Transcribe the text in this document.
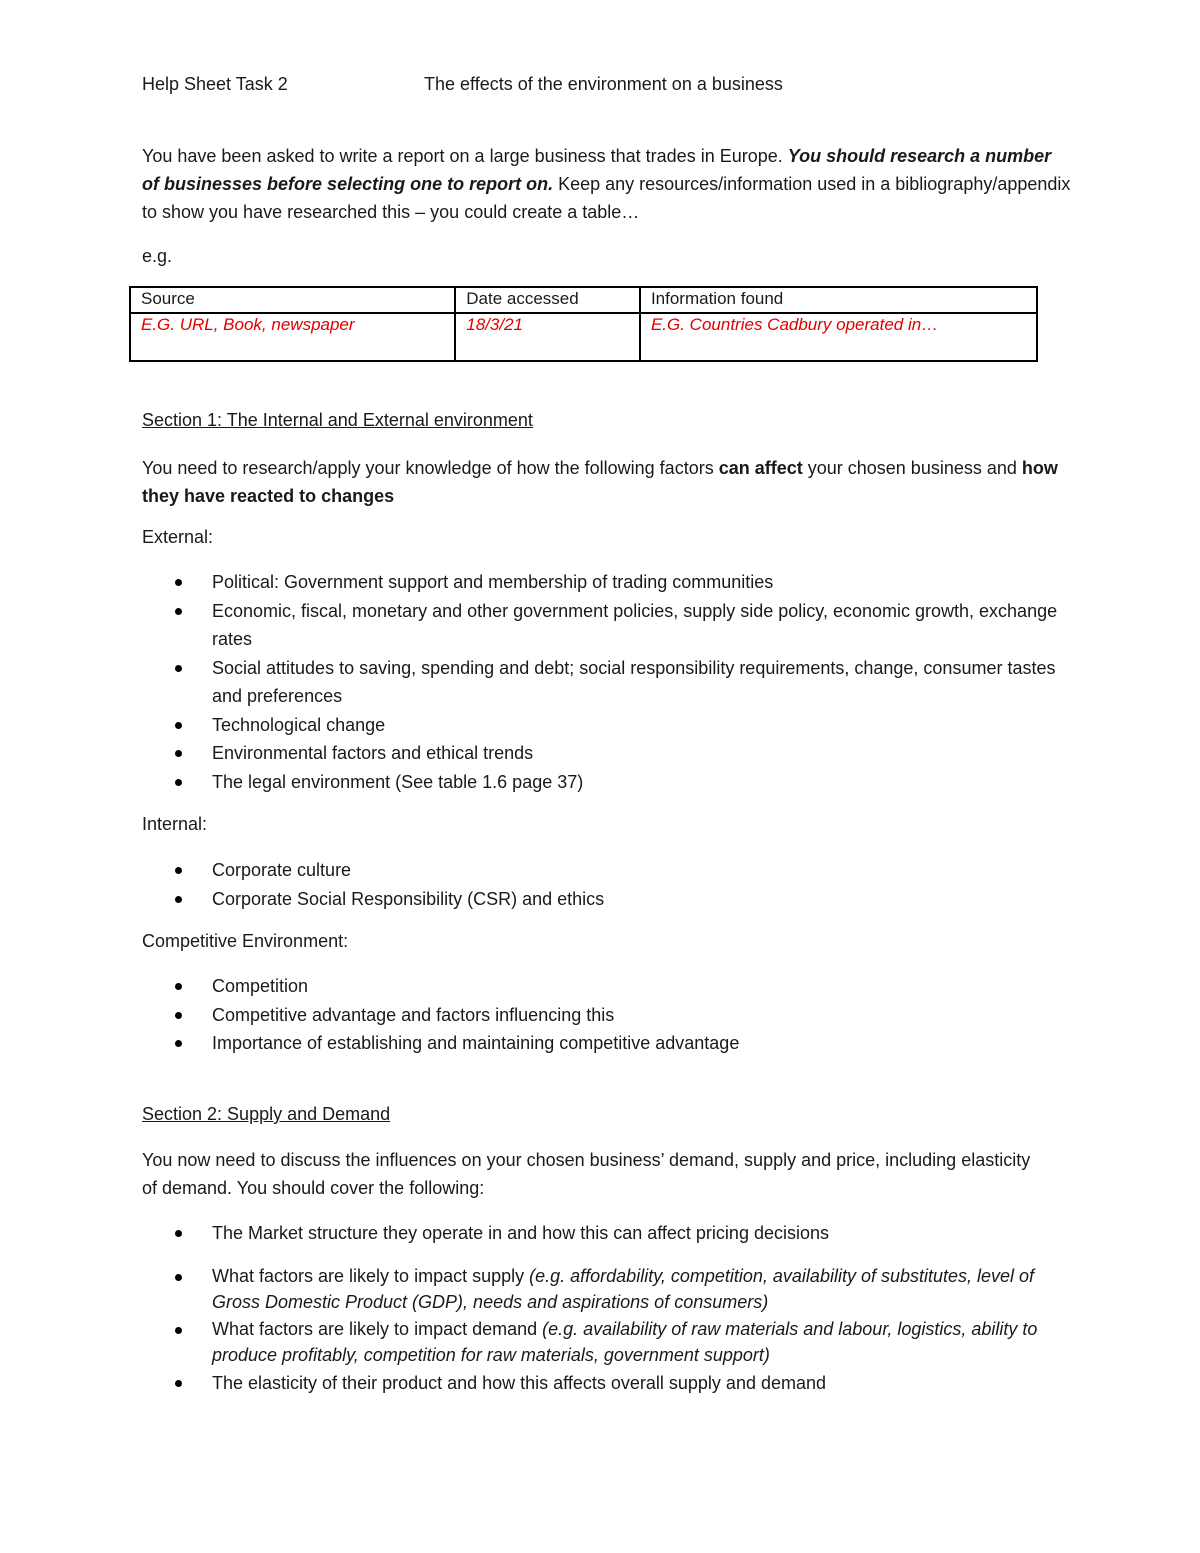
Help Sheet Task 2	The effects of the environment on a business
You have been asked to write a report on a large business that trades in Europe. You should research a number of businesses before selecting one to report on. Keep any resources/information used in a bibliography/appendix to show you have researched this – you could create a table…
e.g.
Source	Date accessed	Information found
E.G. URL, Book, newspaper	18/3/21	E.G. Countries Cadbury operated in…
Section 1: The Internal and External environment
You need to research/apply your knowledge of how the following factors can affect your chosen business and how they have reacted to changes
External:
Political: Government support and membership of trading communities
Economic, fiscal, monetary and other government policies, supply side policy, economic growth, exchange rates
Social attitudes to saving, spending and debt; social responsibility requirements, change, consumer tastes and preferences
Technological change
Environmental factors and ethical trends
The legal environment (See table 1.6 page 37)
Internal:
Corporate culture
Corporate Social Responsibility (CSR) and ethics
Competitive Environment:
Competition
Competitive advantage and factors influencing this
Importance of establishing and maintaining competitive advantage
Section 2: Supply and Demand
You now need to discuss the influences on your chosen business’ demand, supply and price, including elasticity of demand. You should cover the following:
The Market structure they operate in and how this can affect pricing decisions
What factors are likely to impact supply (e.g. affordability, competition, availability of substitutes, level of Gross Domestic Product (GDP), needs and aspirations of consumers)
What factors are likely to impact demand (e.g. availability of raw materials and labour, logistics, ability to produce profitably, competition for raw materials, government support)
The elasticity of their product and how this affects overall supply and demand
